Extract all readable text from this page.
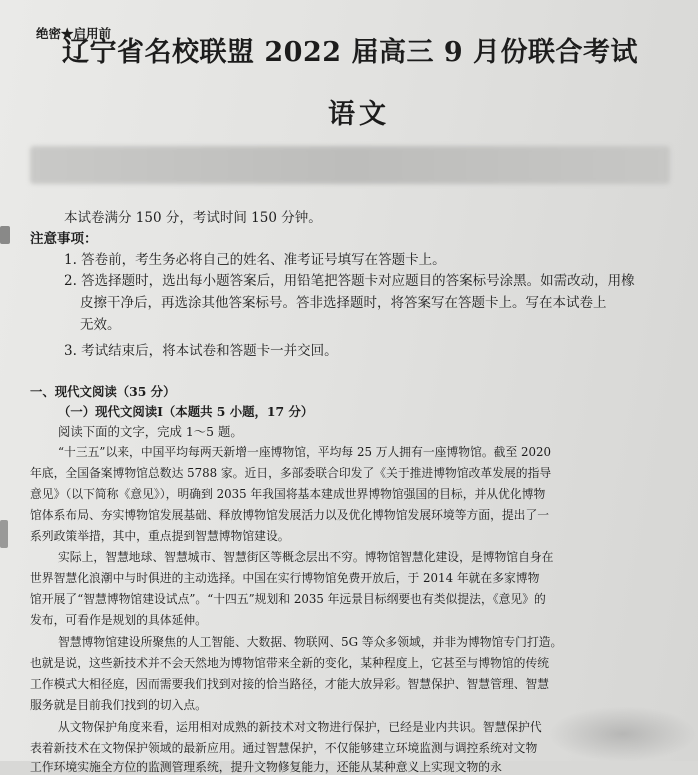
绝密★启用前
辽宁省名校联盟 2022 届高三 9 月份联合考试
语文
本试卷满分 150 分，考试时间 150 分钟。
注意事项：
1. 答卷前，考生务必将自己的姓名、准考证号填写在答题卡上。
2. 答选择题时，选出每小题答案后，用铅笔把答题卡对应题目的答案标号涂黑。如需改动，用橡
皮擦干净后，再选涂其他答案标号。答非选择题时，将答案写在答题卡上。写在本试卷上
无效。
3. 考试结束后，将本试卷和答题卡一并交回。
一、现代文阅读（35 分）
（一）现代文阅读Ⅰ（本题共 5 小题，17 分）
阅读下面的文字，完成 1～5 题。
“十三五”以来，中国平均每两天新增一座博物馆，平均每 25 万人拥有一座博物馆。截至 2020
年底，全国备案博物馆总数达 5788 家。近日，多部委联合印发了《关于推进博物馆改革发展的指导
意见》（以下简称《意见》），明确到 2035 年我国将基本建成世界博物馆强国的目标，并从优化博物
馆体系布局、夯实博物馆发展基础、释放博物馆发展活力以及优化博物馆发展环境等方面，提出了一
系列政策举措，其中，重点提到智慧博物馆建设。
实际上，智慧地球、智慧城市、智慧街区等概念层出不穷。博物馆智慧化建设，是博物馆自身在
世界智慧化浪潮中与时俱进的主动选择。中国在实行博物馆免费开放后，于 2014 年就在多家博物
馆开展了“智慧博物馆建设试点”。“十四五”规划和 2035 年远景目标纲要也有类似提法，《意见》的
发布，可看作是规划的具体延伸。
智慧博物馆建设所聚焦的人工智能、大数据、物联网、5G 等众多领域，并非为博物馆专门打造。
也就是说，这些新技术并不会天然地为博物馆带来全新的变化，某种程度上，它甚至与博物馆的传统
工作模式大相径庭，因而需要我们找到对接的恰当路径，才能大放异彩。智慧保护、智慧管理、智慧
服务就是目前我们找到的切入点。
从文物保护角度来看，运用相对成熟的新技术对文物进行保护，已经是业内共识。智慧保护代
表着新技术在文物保护领域的最新应用。通过智慧保护，不仅能够建立环境监测与调控系统对文物
工作环境实施全方位的监测管理系统，提升文物修复能力，还能从某种意义上实现文物的永
